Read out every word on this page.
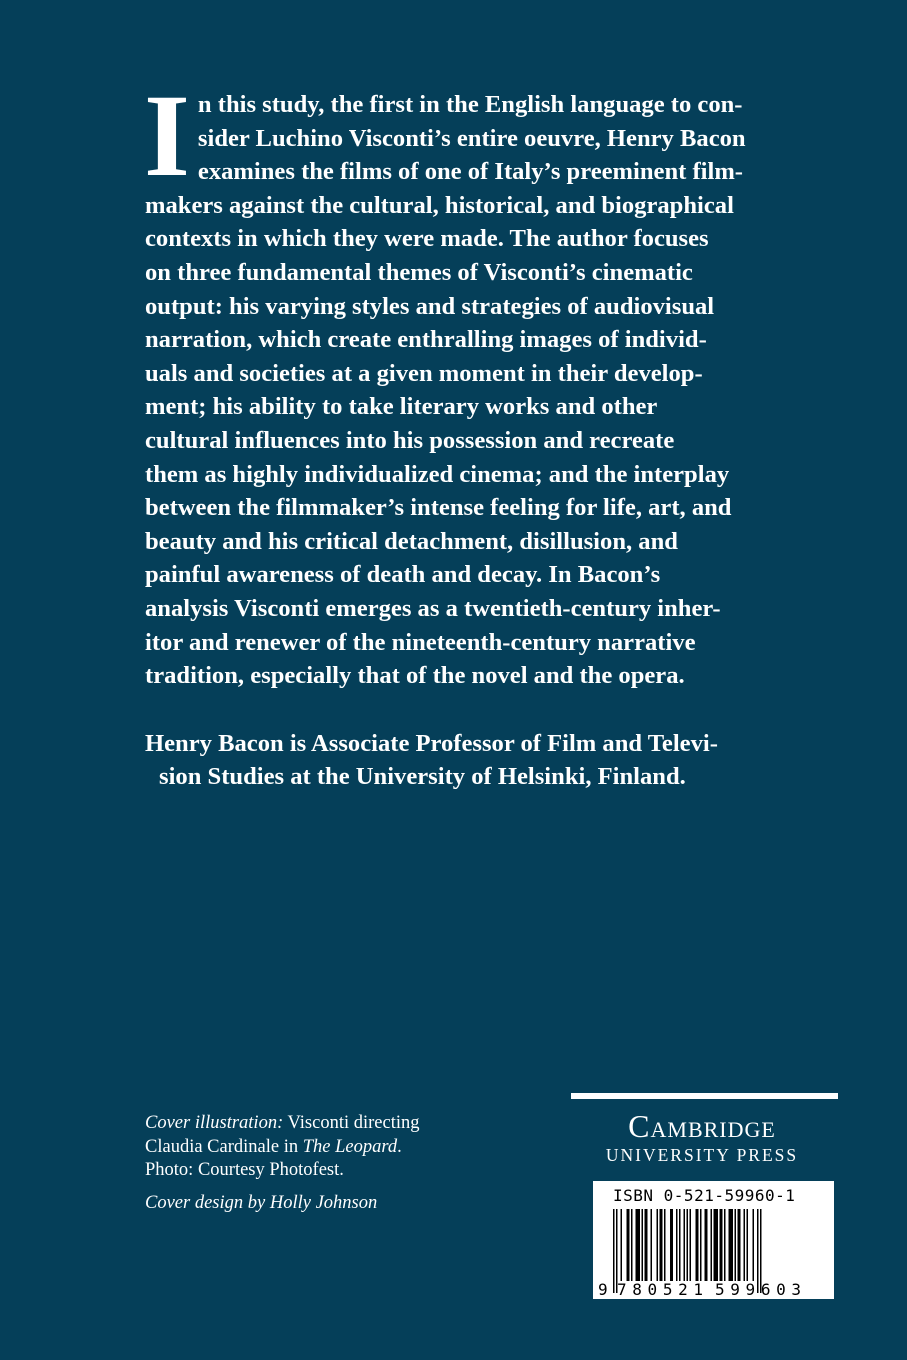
I n this study, the first in the English language to con-
sider Luchino Visconti’s entire oeuvre, Henry Bacon
examines the films of one of Italy’s preeminent film-
makers against the cultural, historical, and biographical
contexts in which they were made. The author focuses
on three fundamental themes of Visconti’s cinematic
output: his varying styles and strategies of audiovisual
narration, which create enthralling images of individ-
uals and societies at a given moment in their develop-
ment; his ability to take literary works and other
cultural influences into his possession and recreate
them as highly individualized cinema; and the interplay
between the filmmaker’s intense feeling for life, art, and
beauty and his critical detachment, disillusion, and
painful awareness of death and decay. In Bacon’s
analysis Visconti emerges as a twentieth-century inher-
itor and renewer of the nineteenth-century narrative
tradition, especially that of the novel and the opera.
Henry Bacon is Associate Professor of Film and Televi-
sion Studies at the University of Helsinki, Finland.

Cover illustration: Visconti directing
Claudia Cardinale in The Leopard.
Photo: Courtesy Photofest.

Cover design by Holly Johnson

Cambridge
UNIVERSITY PRESS
ISBN 0-521-59960-1
9 780521 599603
